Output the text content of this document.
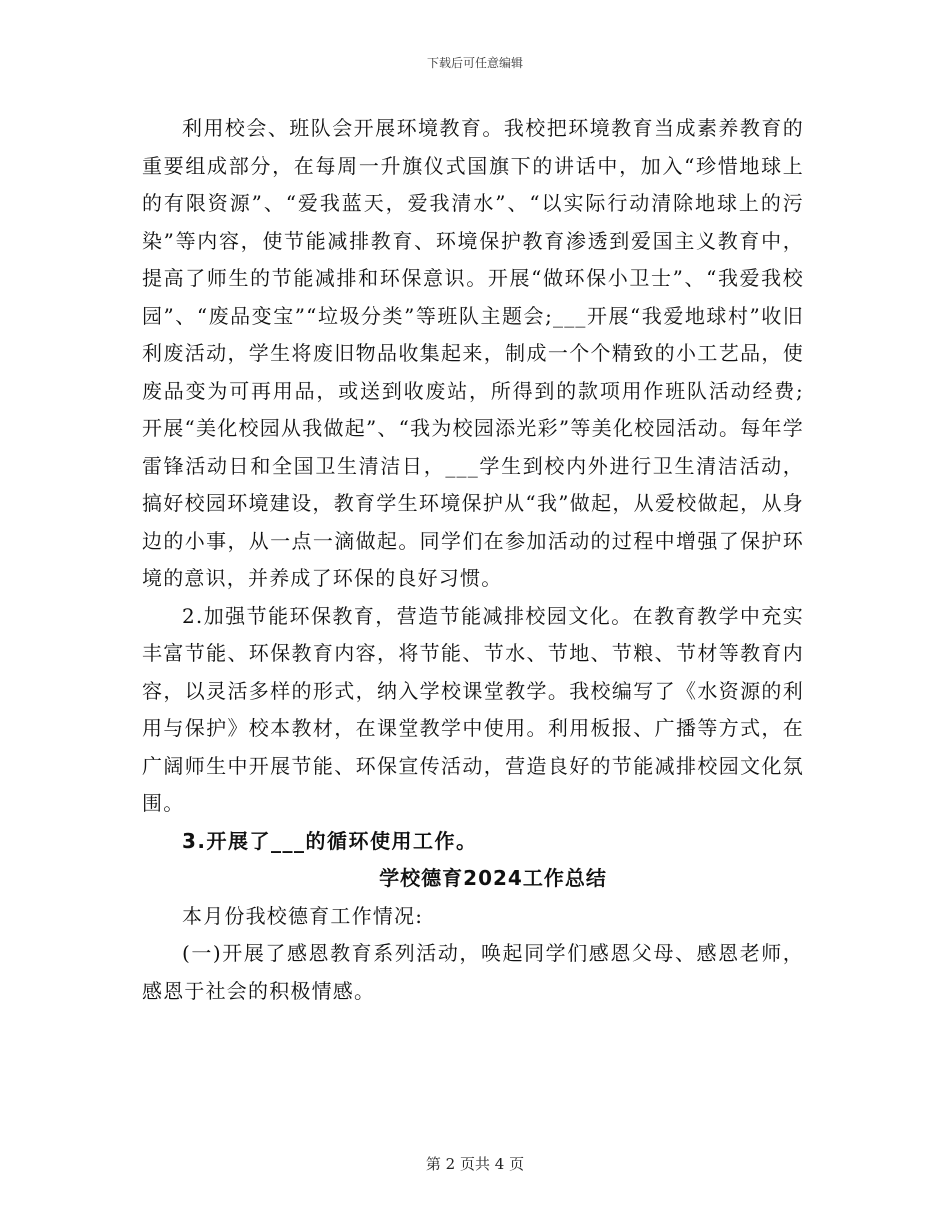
下载后可任意编辑

利用校会、班队会开展环境教育。我校把环境教育当成素养教育的重要组成部分，在每周一升旗仪式国旗下的讲话中，加入“珍惜地球上的有限资源”、“爱我蓝天，爱我清水”、“以实际行动清除地球上的污染”等内容，使节能减排教育、环境保护教育渗透到爱国主义教育中，提高了师生的节能减排和环保意识。开展“做环保小卫士”、“我爱我校园”、“废品变宝”“垃圾分类”等班队主题会;___开展“我爱地球村”收旧利废活动，学生将废旧物品收集起来，制成一个个精致的小工艺品，使废品变为可再用品，或送到收废站，所得到的款项用作班队活动经费;开展“美化校园从我做起”、“我为校园添光彩”等美化校园活动。每年学雷锋活动日和全国卫生清洁日，___学生到校内外进行卫生清洁活动，搞好校园环境建设，教育学生环境保护从“我”做起，从爱校做起，从身边的小事，从一点一滴做起。同学们在参加活动的过程中增强了保护环境的意识，并养成了环保的良好习惯。

2.加强节能环保教育，营造节能减排校园文化。在教育教学中充实丰富节能、环保教育内容，将节能、节水、节地、节粮、节材等教育内容，以灵活多样的形式，纳入学校课堂教学。我校编写了《水资源的利用与保护》校本教材，在课堂教学中使用。利用板报、广播等方式，在广阔师生中开展节能、环保宣传活动，营造良好的节能减排校园文化氛围。

3.开展了___的循环使用工作。

学校德育2024工作总结

本月份我校德育工作情况:

(一)开展了感恩教育系列活动，唤起同学们感恩父母、感恩老师，感恩于社会的积极情感。

第 2 页共 4 页
